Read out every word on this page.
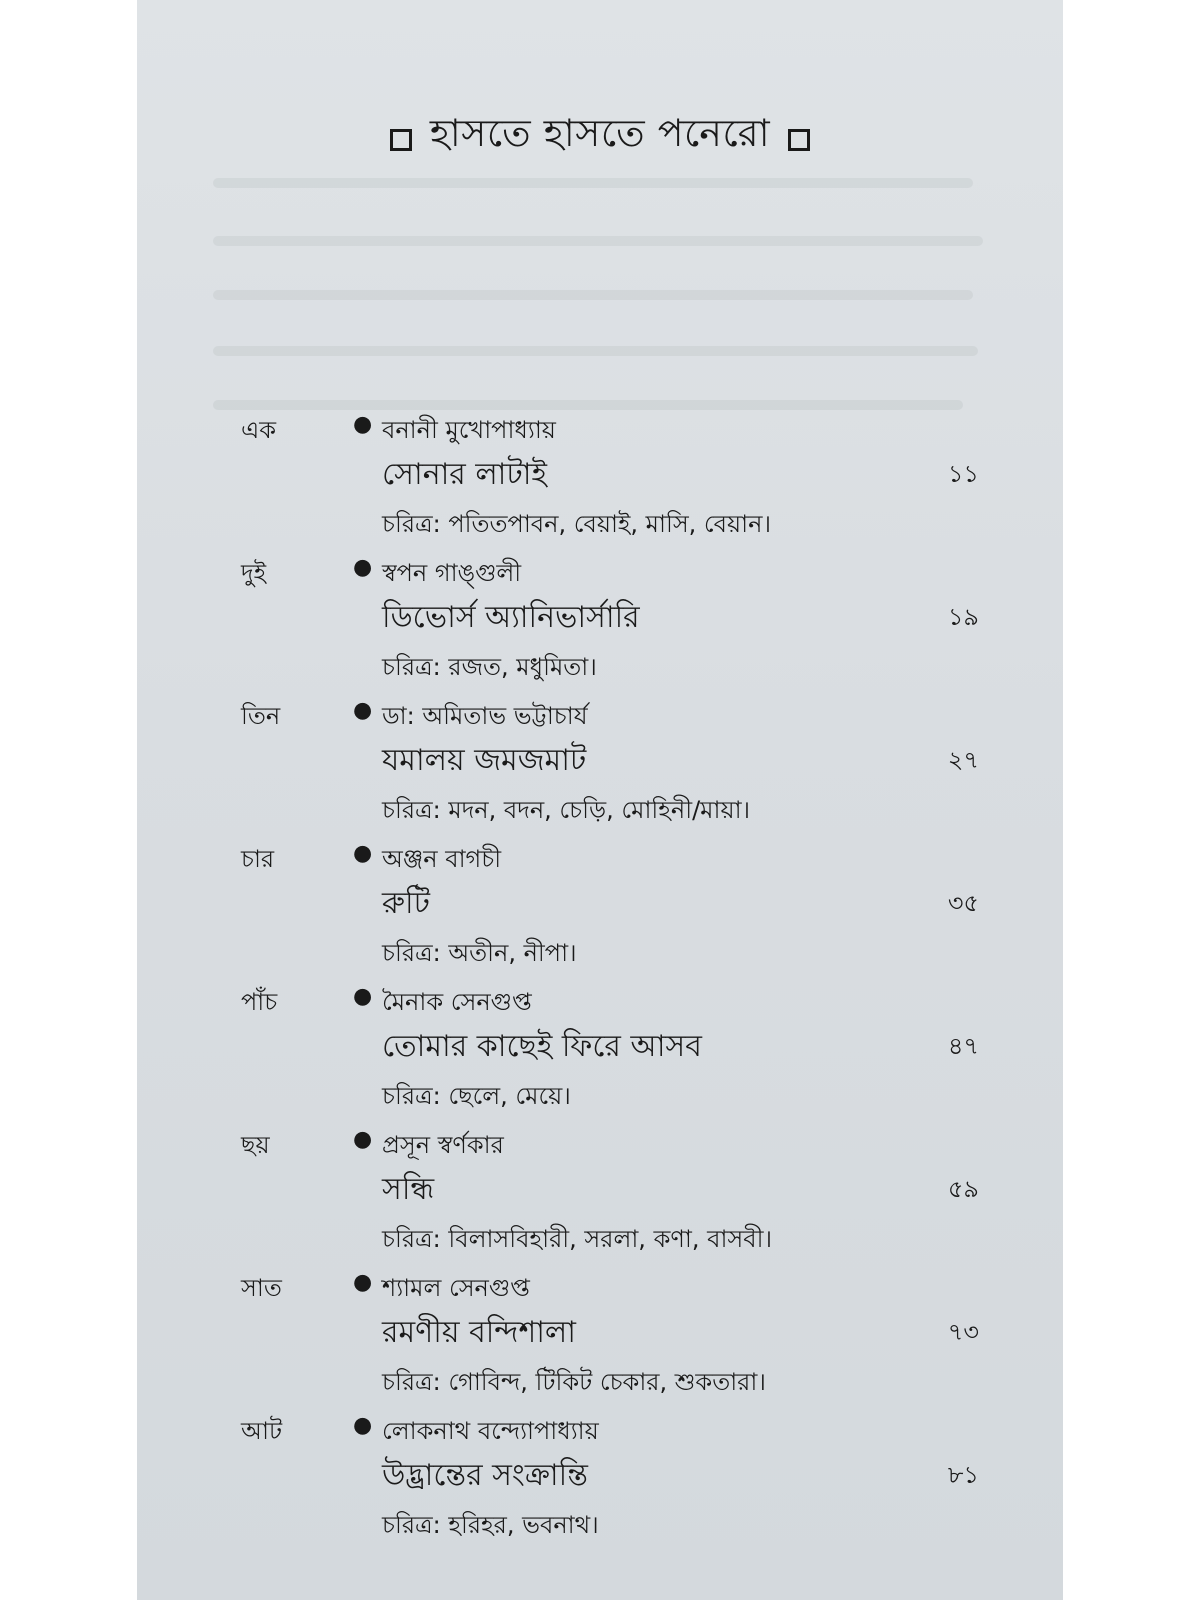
হাসতে হাসতে পনেরো
এক	● বনানী মুখোপাধ্যায়
সোনার লাটাই	১১
চরিত্র: পতিতপাবন, বেয়াই, মাসি, বেয়ান।
দুই	● স্বপন গাঙ্গুলী
ডিভোর্স অ্যানিভার্সারি	১৯
চরিত্র: রজত, মধুমিতা।
তিন	● ডা: অমিতাভ ভট্টাচার্য
যমালয় জমজমাট	২৭
চরিত্র: মদন, বদন, চেড়ি, মোহিনী/মায়া।
চার	● অঞ্জন বাগচী
রুটি	৩৫
চরিত্র: অতীন, নীপা।
পাঁচ	● মৈনাক সেনগুপ্ত
তোমার কাছেই ফিরে আসব	৪৭
চরিত্র: ছেলে, মেয়ে।
ছয়	● প্রসূন স্বর্ণকার
সন্ধি	৫৯
চরিত্র: বিলাসবিহারী, সরলা, কণা, বাসবী।
সাত	● শ্যামল সেনগুপ্ত
রমণীয় বন্দিশালা	৭৩
চরিত্র: গোবিন্দ, টিকিট চেকার, শুকতারা।
আট	● লোকনাথ বন্দ্যোপাধ্যায়
উদ্ভ্রান্তের সংক্রান্তি	৮১
চরিত্র: হরিহর, ভবনাথ।
